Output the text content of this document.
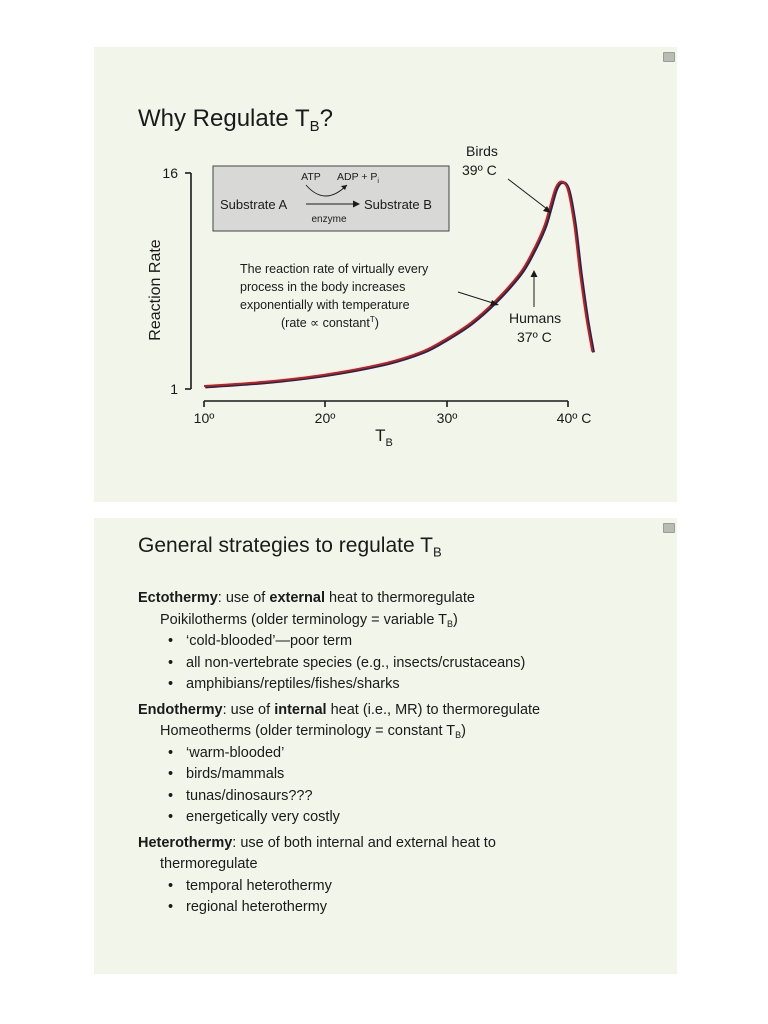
Why Regulate $T_B$?
16
1
Reaction Rate
10º	20º	30º	40º C
$T_B$
ATP ADP + $P_i$
Substrate A	Substrate B
enzyme
The reaction rate of virtually every
process in the body increases
exponentially with temperature
(rate ∝ constant$^T$)
Birds
39º C
Humans
37º C
General strategies to regulate $T_B$
Ectothermy: use of external heat to thermoregulate
Poikilotherms (older terminology = variable $T_B$)
• ‘cold-blooded’—poor term
• all non-vertebrate species (e.g., insects/crustaceans)
• amphibians/reptiles/fishes/sharks
Endothermy: use of internal heat (i.e., MR) to thermoregulate
Homeotherms (older terminology = constant $T_B$)
• ‘warm-blooded’
• birds/mammals
• tunas/dinosaurs???
• energetically very costly
Heterothermy: use of both internal and external heat to
thermoregulate
• temporal heterothermy
• regional heterothermy
